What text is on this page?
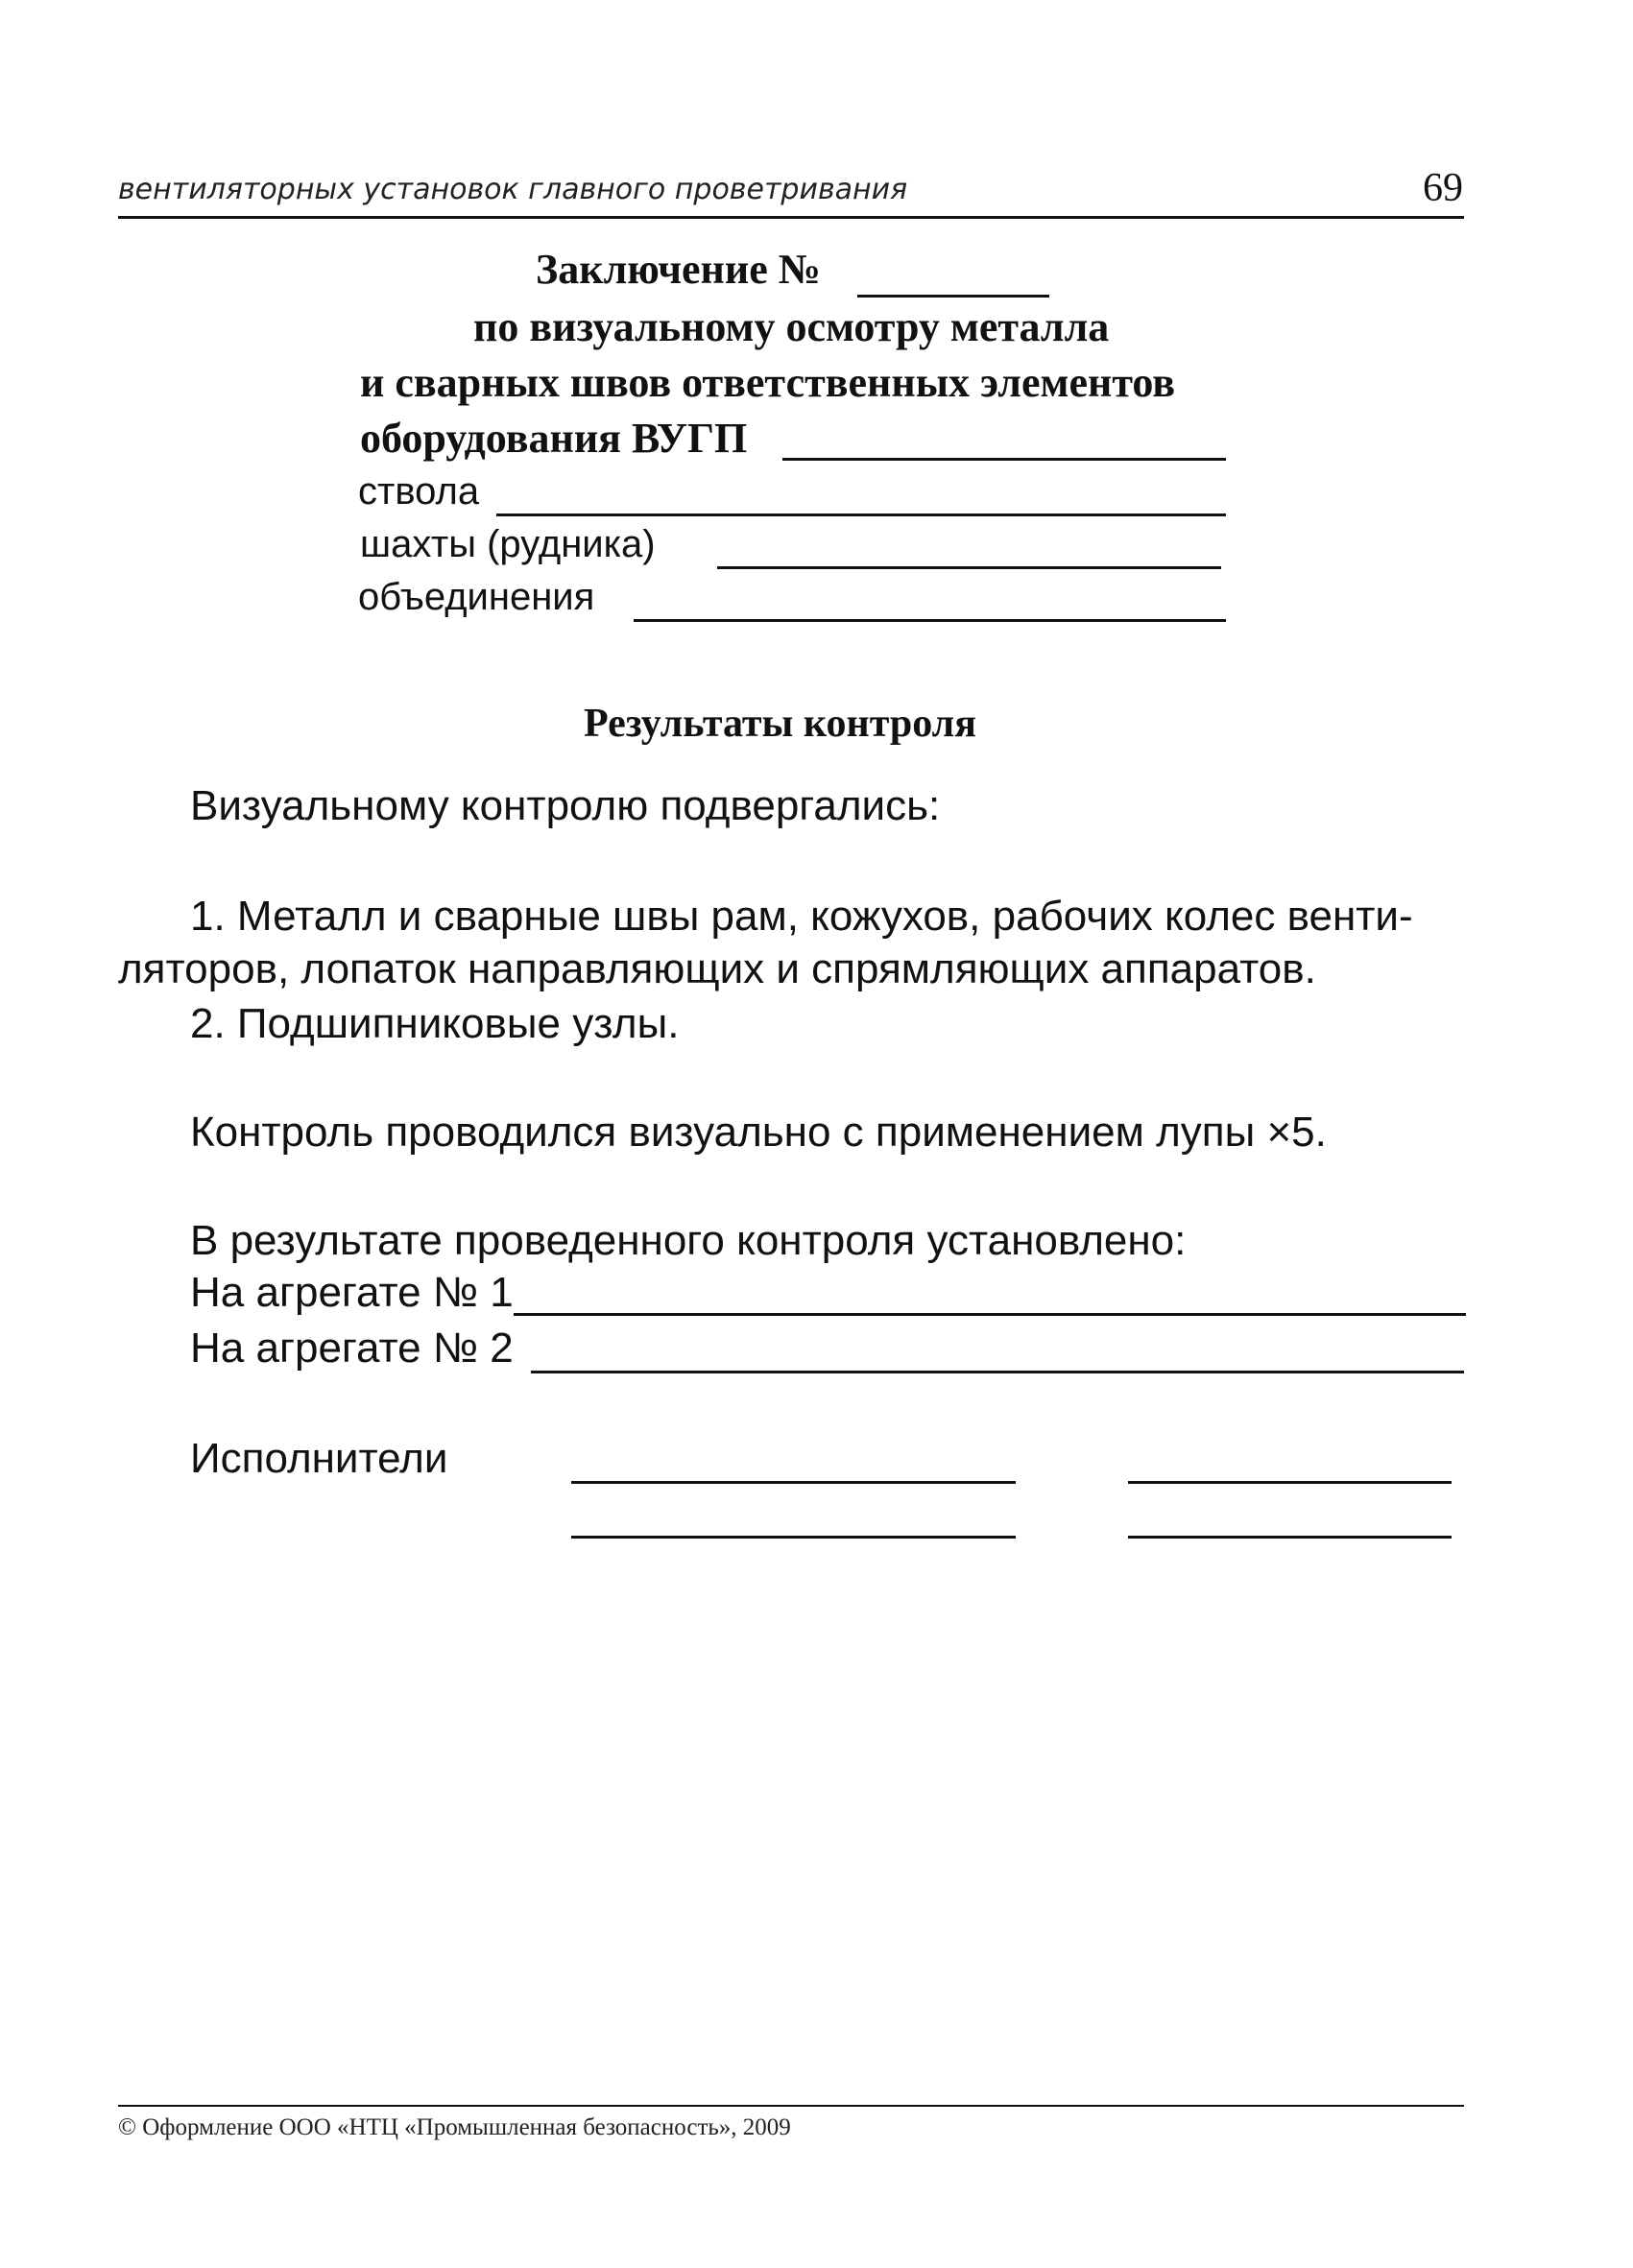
вентиляторных установок главного проветривания	69
Заключение №
по визуальному осмотру металла
и сварных швов ответственных элементов
оборудования ВУГП
ствола
шахты (рудника)
объединения
Результаты контроля
Визуальному контролю подвергались:
1. Металл и сварные швы рам, кожухов, рабочих колес венти-
ляторов, лопаток направляющих и спрямляющих аппаратов.
2. Подшипниковые узлы.
Контроль проводился визуально с применением лупы ×5.
В результате проведенного контроля установлено:
На агрегате № 1
На агрегате № 2
Исполнители
© Оформление ООО «НТЦ «Промышленная безопасность», 2009
